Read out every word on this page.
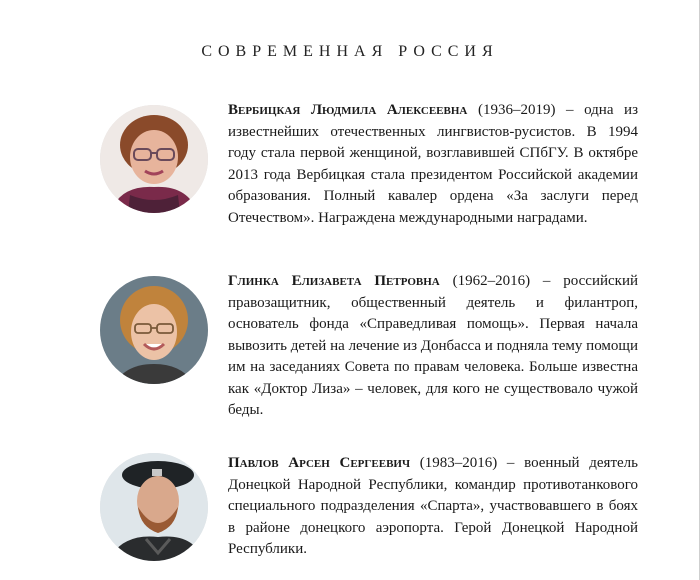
СОВРЕМЕННАЯ РОССИЯ

Вербицкая Людмила Алексеевна (1936–2019) – одна из известнейших отечественных лингвистов-русистов. В 1994 году стала первой женщиной, возглавившей СПбГУ. В октябре 2013 года Вербицкая стала президентом Российской академии образования. Полный кавалер ордена «За заслуги перед Отечеством». Награждена международными наградами.

Глинка Елизавета Петровна (1962–2016) – российский правозащитник, общественный деятель и филантроп, основатель фонда «Справедливая помощь». Первая начала вывозить детей на лечение из Донбасса и подняла тему помощи им на заседаниях Совета по правам человека. Больше известна как «Доктор Лиза» – человек, для кого не существовало чужой беды.

Павлов Арсен Сергеевич (1983–2016) – военный деятель Донецкой Народной Республики, командир противотанкового специального подразделения «Спарта», участвовавшего в боях в районе донецкого аэропорта. Герой Донецкой Народной Республики.
